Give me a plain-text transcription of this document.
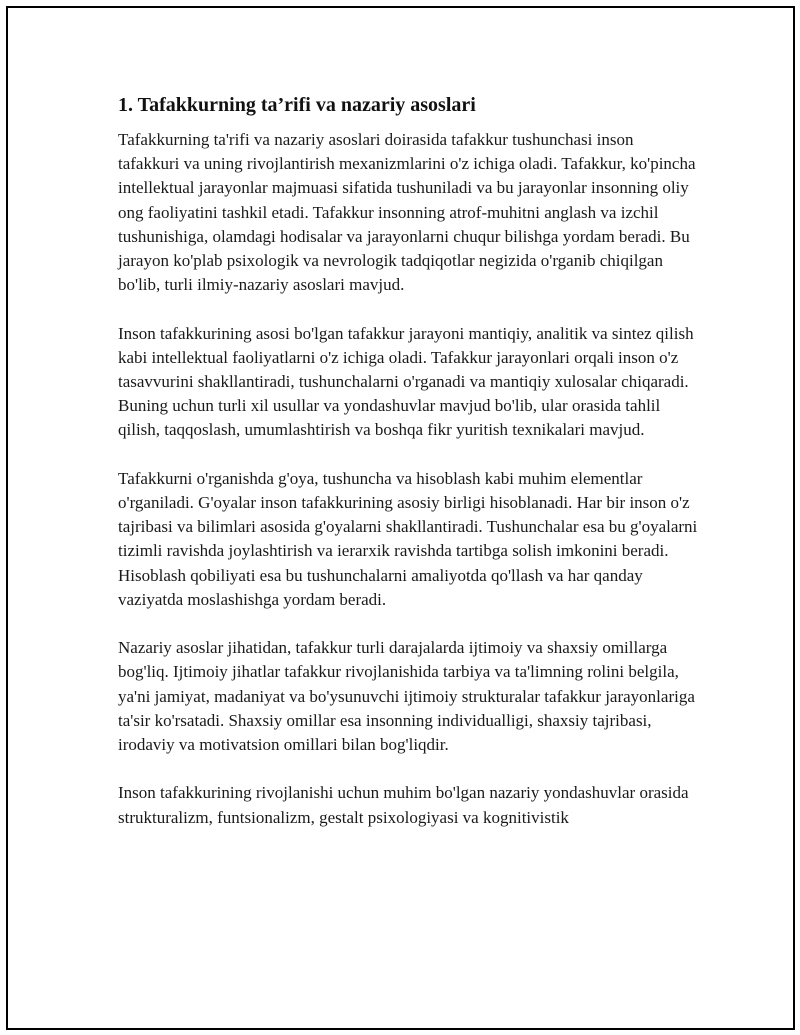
1. Tafakkurning ta’rifi va nazariy asoslari

Tafakkurning ta'rifi va nazariy asoslari doirasida tafakkur tushunchasi inson tafakkuri va uning rivojlantirish mexanizmlarini o'z ichiga oladi. Tafakkur, ko'pincha intellektual jarayonlar majmuasi sifatida tushuniladi va bu jarayonlar insonning oliy ong faoliyatini tashkil etadi. Tafakkur insonning atrof-muhitni anglash va izchil tushunishiga, olamdagi hodisalar va jarayonlarni chuqur bilishga yordam beradi. Bu jarayon ko'plab psixologik va nevrologik tadqiqotlar negizida o'rganib chiqilgan bo'lib, turli ilmiy-nazariy asoslari mavjud.

Inson tafakkurining asosi bo'lgan tafakkur jarayoni mantiqiy, analitik va sintez qilish kabi intellektual faoliyatlarni o'z ichiga oladi. Tafakkur jarayonlari orqali inson o'z tasavvurini shakllantiradi, tushunchalarni o'rganadi va mantiqiy xulosalar chiqaradi. Buning uchun turli xil usullar va yondashuvlar mavjud bo'lib, ular orasida tahlil qilish, taqqoslash, umumlashtirish va boshqa fikr yuritish texnikalari mavjud.

Tafakkurni o'rganishda g'oya, tushuncha va hisoblash kabi muhim elementlar o'rganiladi. G'oyalar inson tafakkurining asosiy birligi hisoblanadi. Har bir inson o'z tajribasi va bilimlari asosida g'oyalarni shakllantiradi. Tushunchalar esa bu g'oyalarni tizimli ravishda joylashtirish va ierarxik ravishda tartibga solish imkonini beradi. Hisoblash qobiliyati esa bu tushunchalarni amaliyotda qo'llash va har qanday vaziyatda moslashishga yordam beradi.

Nazariy asoslar jihatidan, tafakkur turli darajalarda ijtimoiy va shaxsiy omillarga bog'liq. Ijtimoiy jihatlar tafakkur rivojlanishida tarbiya va ta'limning rolini belgila, ya'ni jamiyat, madaniyat va bo'ysunuvchi ijtimoiy strukturalar tafakkur jarayonlariga ta'sir ko'rsatadi. Shaxsiy omillar esa insonning individualligi, shaxsiy tajribasi, irodaviy va motivatsion omillari bilan bog'liqdir.

Inson tafakkurining rivojlanishi uchun muhim bo'lgan nazariy yondashuvlar orasida strukturalizm, funtsionalizm, gestalt psixologiyasi va kognitivistik
